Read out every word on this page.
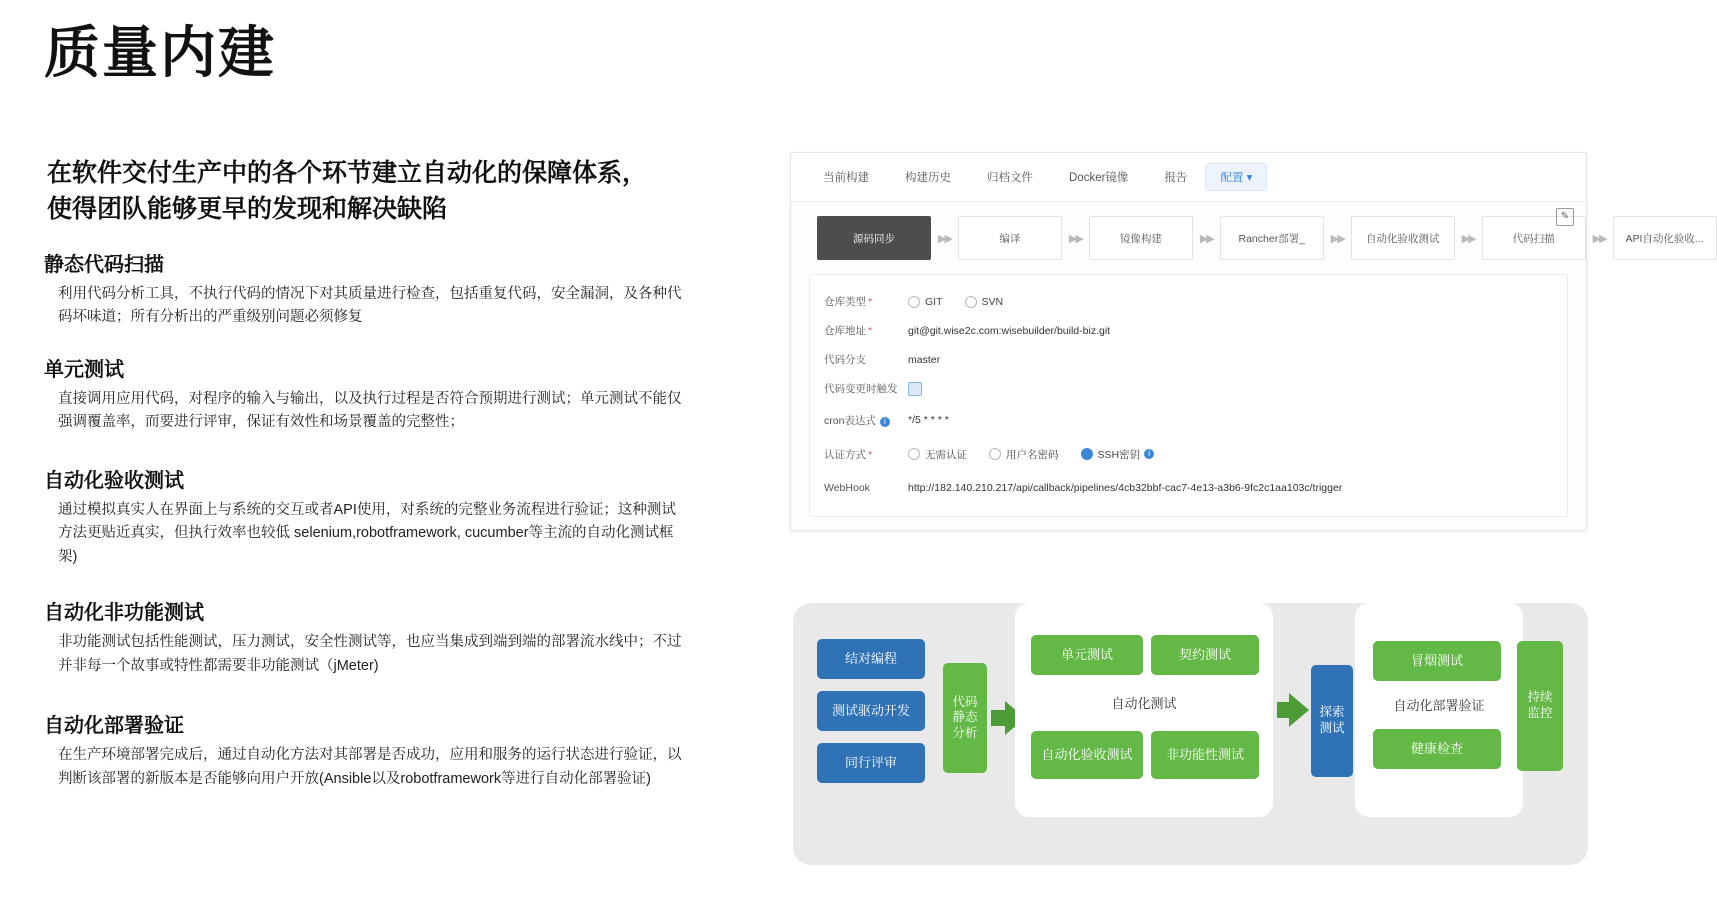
质量内建
在软件交付生产中的各个环节建立自动化的保障体系，使得团队能够更早的发现和解决缺陷
静态代码扫描

利用代码分析工具，不执行代码的情况下对其质量进行检查，包括重复代码，安全漏洞，及各种代码坏味道；所有分析出的严重级别问题必须修复

单元测试

直接调用应用代码，对程序的输入与输出，以及执行过程是否符合预期进行测试；单元测试不能仅强调覆盖率，而要进行评审，保证有效性和场景覆盖的完整性；

自动化验收测试

通过模拟真实人在界面上与系统的交互或者API使用，对系统的完整业务流程进行验证；这种测试方法更贴近真实，但执行效率也较低 selenium,robotframework, cucumber等主流的自动化测试框架)

自动化非功能测试

非功能测试包括性能测试，压力测试，安全性测试等，也应当集成到端到端的部署流水线中；不过并非每一个故事或特性都需要非功能测试（jMeter)

自动化部署验证

在生产环境部署完成后，通过自动化方法对其部署是否成功，应用和服务的运行状态进行验证，以判断该部署的新版本是否能够向用户开放(Ansible以及robotframework等进行自动化部署验证)

当前构建	构建历史	归档文件	Docker镜像	报告	配置 ▾
源码同步	▶▶	编译	▶▶	镜像构建	▶▶	Rancher部署_	▶▶	自动化验收测试	▶▶	代码扫描	▶▶	API自动化验收...
✎
仓库类型 *	GIT	SVN
仓库地址 *	git@git.wise2c.com:wisebuilder/build-biz.git
代码分支	master
代码变更时触发
cron表达式 i	*/5 * * * *
认证方式 *	无需认证	用户名密码	SSH密钥	i
WebHook	http://182.140.210.217/api/callback/pipelines/4cb32bbf-cac7-4e13-a3b6-9fc2c1aa103c/trigger
结对编程
测试驱动开发
同行评审
代码
静态
分析
单元测试	契约测试
自动化测试
自动化验收测试	非功能性测试
探索
测试
冒烟测试
自动化部署验证
健康检查
持续
监控
